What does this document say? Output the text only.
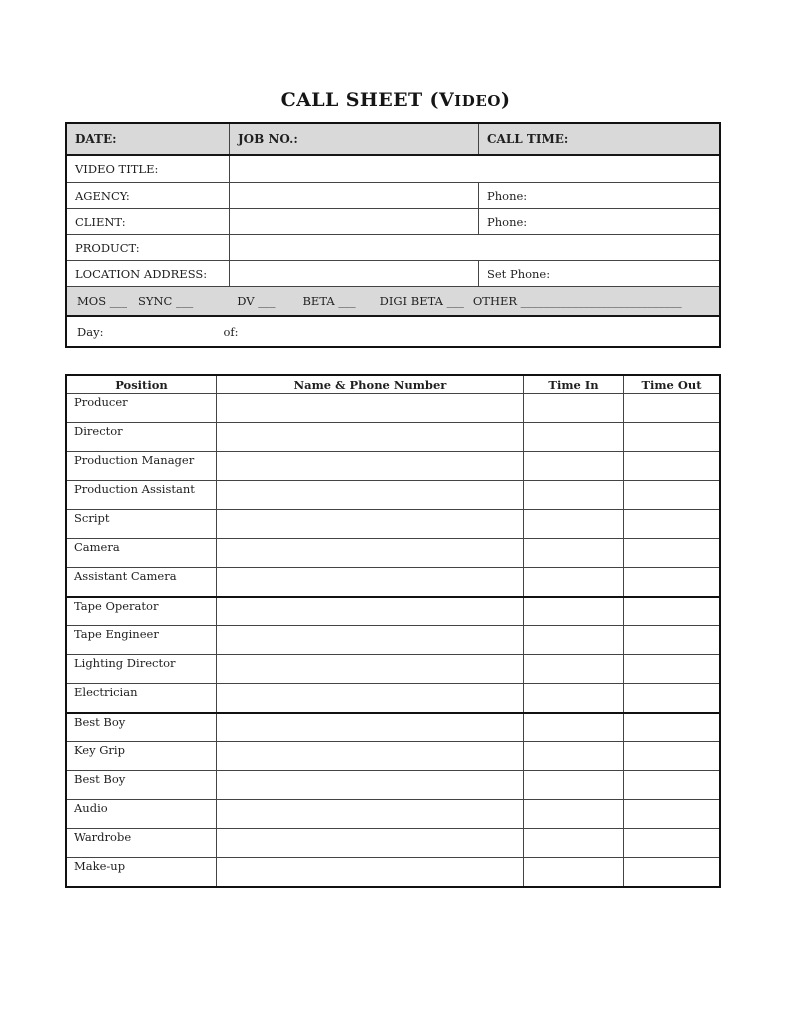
CALL SHEET (VIDEO)
DATE:	JOB NO.:	CALL TIME:
VIDEO TITLE:
AGENCY:	Phone:
CLIENT:	Phone:
PRODUCT:
LOCATION ADDRESS:	Set Phone:
MOS ___ SYNC ___	DV ___ BETA ___ DIGI BETA ___ OTHER ____________________________
Day:	of:
Position	Name & Phone Number	Time In	Time Out
Producer
Director
Production Manager
Production Assistant
Script
Camera
Assistant Camera
Tape Operator
Tape Engineer
Lighting Director
Electrician
Best Boy
Key Grip
Best Boy
Audio
Wardrobe
Make-up
